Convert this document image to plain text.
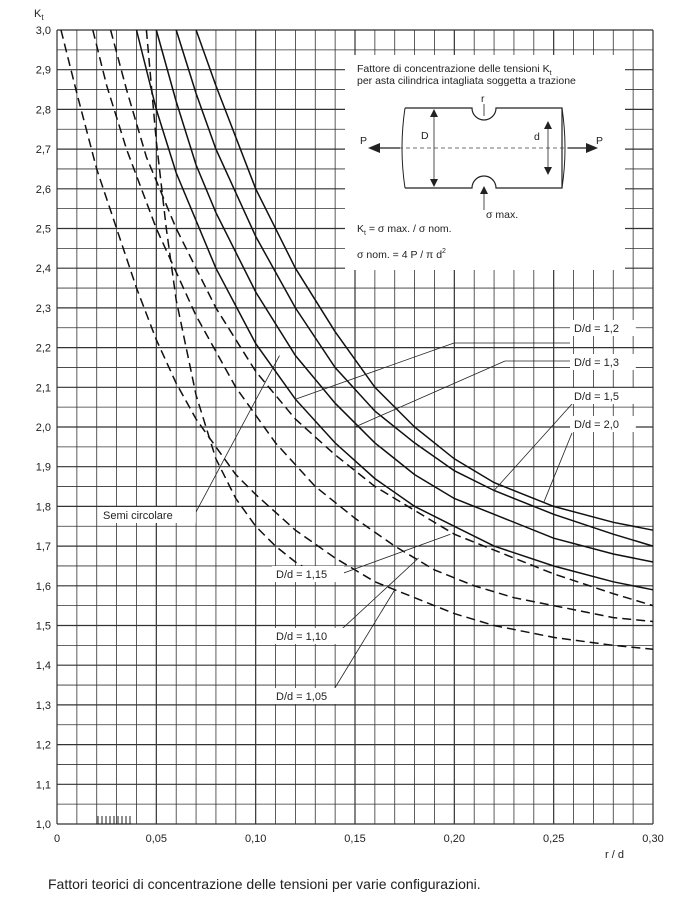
1,0
1,1
1,2
1,3
1,4
1,5
1,6
1,7
1,8
1,9
2,0
2,1
2,2
2,3
2,4
2,5
2,6
2,7
2,8
2,9
3,0
0	0,05	0,10	0,15	0,20	0,25	0,30
D/d = 1,2
D/d = 1,3
D/d = 1,5
D/d = 2,0
Semi circolare
D/d = 1,15
D/d = 1,10
D/d = 1,05
$K_t$
r / d
Fattore di concentrazione delle tensioni $K_t$
per asta cilindrica intagliata soggetta a trazione
D	d
r
P	P
σ max.
$K_t = \sigma$ max. / σ nom.
σ nom. = 4 P / π $d^2$
Fattori teorici di concentrazione delle tensioni per varie configurazioni.
